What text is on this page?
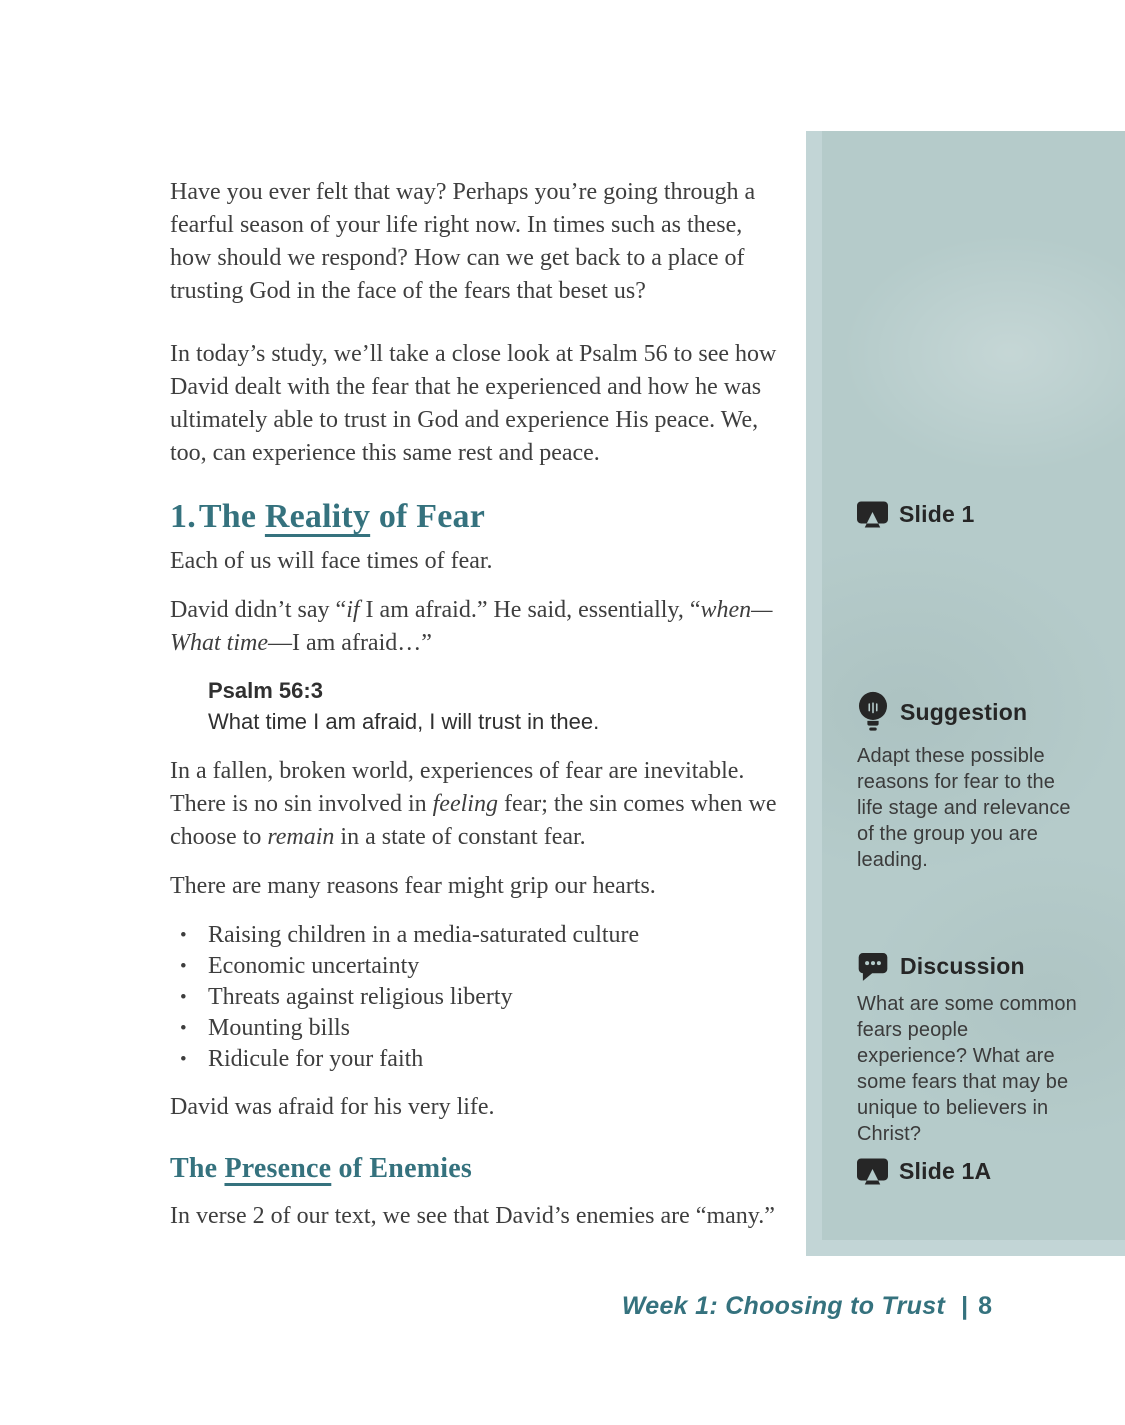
Slide 1
Suggestion
Adapt these possible reasons for fear to the life stage and relevance of the group you are leading.
Discussion
What are some common fears people experience? What are some fears that may be unique to believers in Christ?
Slide 1A

Have you ever felt that way? Perhaps you’re going through a fearful season of your life right now. In times such as these, how should we respond? How can we get back to a place of trusting God in the face of the fears that beset us?

In today’s study, we’ll take a close look at Psalm 56 to see how David dealt with the fear that he experienced and how he was ultimately able to trust in God and experience His peace. We, too, can experience this same rest and peace.

1.The Reality of Fear

Each of us will face times of fear.

David didn’t say “if I am afraid.” He said, essentially, “when—What time—I am afraid…”

Psalm 56:3
What time I am afraid, I will trust in thee.

In a fallen, broken world, experiences of fear are inevitable. There is no sin involved in feeling fear; the sin comes when we choose to remain in a state of constant fear.

There are many reasons fear might grip our hearts.

• Raising children in a media-saturated culture
• Economic uncertainty
• Threats against religious liberty
• Mounting bills
• Ridicule for your faith

David was afraid for his very life.

The Presence of Enemies

In verse 2 of our text, we see that David’s enemies are “many.”

Week 1: Choosing to Trust | 8
